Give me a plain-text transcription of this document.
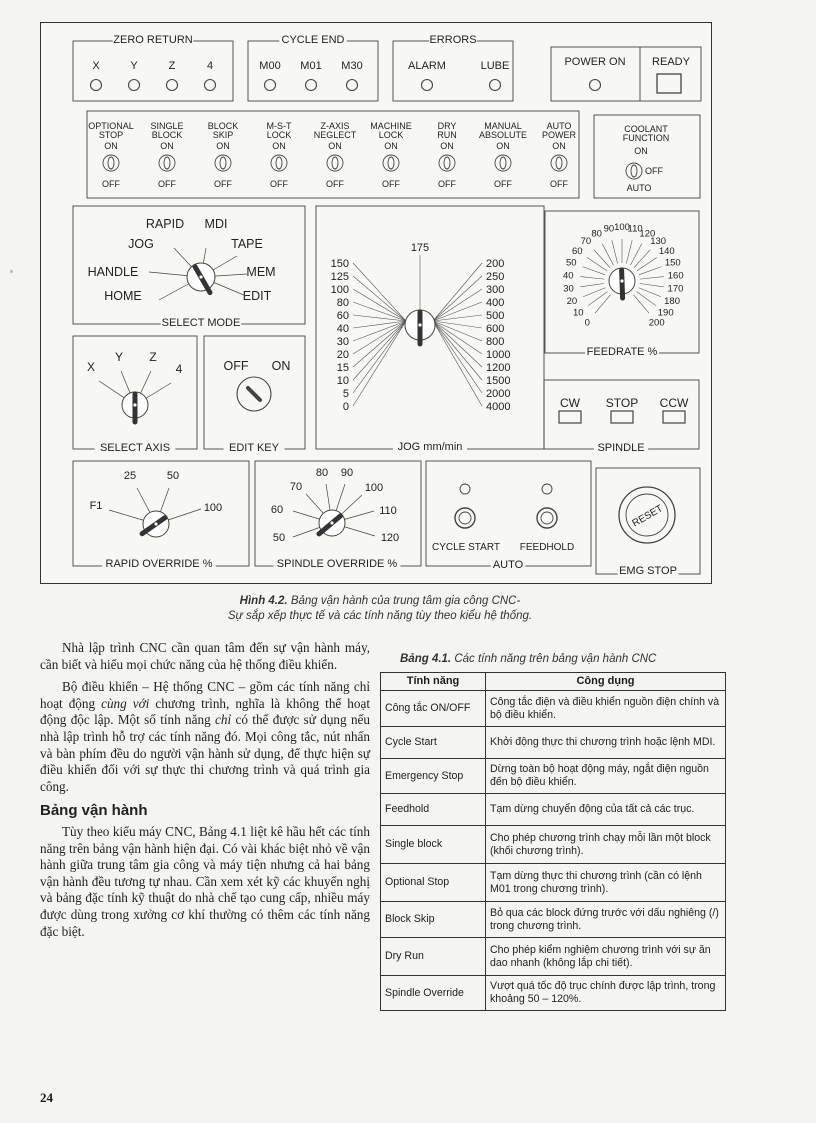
ZERO RETURN
X	Y	Z	4
CYCLE END
M00 M01 M30
ERRORS
ALARM	LUBE	POWER ON READY
OPTIONAL
STOP
ON
OFF
SINGLE
BLOCK
ON
OFF
BLOCK
SKIP
ON
OFF
M-S-T
LOCK
ON
OFF
Z-AXIS
NEGLECT
ON
OFF
MACHINE
LOCK
ON
OFF
DRY
RUN
ON
OFF
MANUAL
ABSOLUTE
ON
OFF
AUTO
POWER
ON
OFF
COOLANT
FUNCTION
ON
OFF
AUTO
RAPID MDI
JOG	TAPE
HANDLE	MEM
HOME	EDIT
SELECT MODE
175
150
125
100
80
60
40
30
20
15
10
5
0
200
250
300
400
500
600
800
1000
1200
1500
2000
4000
JOG mm/min
0
10
20
30
40
50
60
70
80 90 100
110
120
130
140
150
160
170
180
190
200
FEEDRATE %
X
Y Z
4
SELECT AXIS
OFF ON
EDIT KEY
CW STOP CCW
SPINDLE
F1
25	50
100
RAPID OVERRIDE %
50
60
70
80 90
100
110
120
SPINDLE OVERRIDE %
CYCLE START FEEDHOLD
AUTO
RESET
EMG STOP
Hình 4.2. Bảng vận hành của trung tâm gia công CNC-
Sự sắp xếp thực tế và các tính năng tùy theo kiểu hệ thống.

Nhà lập trình CNC cần quan tâm đến sự vận hành máy, cần biết và hiểu mọi chức năng của hệ thống điều khiển.

Bộ điều khiển – Hệ thống CNC – gồm các tính năng chỉ hoạt động cùng với chương trình, nghĩa là không thể hoạt động độc lập. Một số tính năng chỉ có thể được sử dụng nếu nhà lập trình hỗ trợ các tính năng đó. Mọi công tắc, nút nhấn và bàn phím đều do người vận hành sử dụng, để thực hiện sự điều khiển đối với sự thực thi chương trình và quá trình gia công.

Bảng vận hành

Tùy theo kiểu máy CNC, Bảng 4.1 liệt kê hầu hết các tính năng trên bảng vận hành hiện đại. Có vài khác biệt nhỏ về vận hành giữa trung tâm gia công và máy tiện nhưng cả hai bảng vận hành đều tương tự nhau. Cần xem xét kỹ các khuyến nghị và bảng đặc tính kỹ thuật do nhà chế tạo cung cấp, nhiều máy được dùng trong xưởng cơ khí thường có thêm các tính năng đặc biệt.

Bảng 4.1. Các tính năng trên bảng vận hành CNC
Tính năng	Công dụng
Công tắc ON/OFF	Công tắc điện và điều khiển nguồn điện chính và bộ điều khiển.
Cycle Start	Khởi động thực thi chương trình hoặc lệnh MDI.
Emergency Stop	Dừng toàn bộ hoạt động máy, ngắt điện nguồn đến bộ điều khiển.
Feedhold	Tạm dừng chuyển động của tất cả các trục.
Single block	Cho phép chương trình chạy mỗi lần một block (khối chương trình).
Optional Stop	Tạm dừng thực thi chương trình (cần có lệnh M01 trong chương trình).
Block Skip	Bỏ qua các block đứng trước với dấu nghiêng (/) trong chương trình.
Dry Run	Cho phép kiểm nghiệm chương trình với sự ăn dao nhanh (không lắp chi tiết).
Spindle Override	Vượt quá tốc độ trục chính được lập trình, trong khoảng 50 – 120%.
24
